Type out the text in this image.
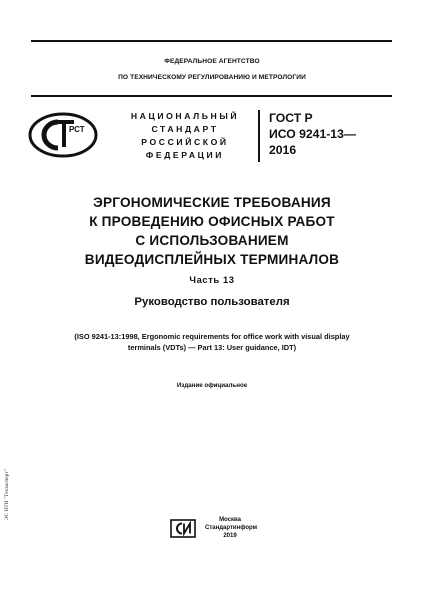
ФЕДЕРАЛЬНОЕ АГЕНТСТВО
ПО ТЕХНИЧЕСКОМУ РЕГУЛИРОВАНИЮ И МЕТРОЛОГИИ
РСТ
НАЦИОНАЛЬНЫЙ
СТАНДАРТ
РОССИЙСКОЙ
ФЕДЕРАЦИИ
ГОСТ Р
ИСО 9241-13—
2016
ЭРГОНОМИЧЕСКИЕ ТРЕБОВАНИЯ
К ПРОВЕДЕНИЮ ОФИСНЫХ РАБОТ
С ИСПОЛЬЗОВАНИЕМ
ВИДЕОДИСПЛЕЙНЫХ ТЕРМИНАЛОВ
Часть 13
Руководство пользователя
(ISO 9241-13:1998, Ergonomic requirements for office work with visual display
terminals (VDTs) — Part 13: User guidance, IDT)
Издание официальное
Москва
Стандартинформ
2019
ЭС НТИ "Техэксперт"
